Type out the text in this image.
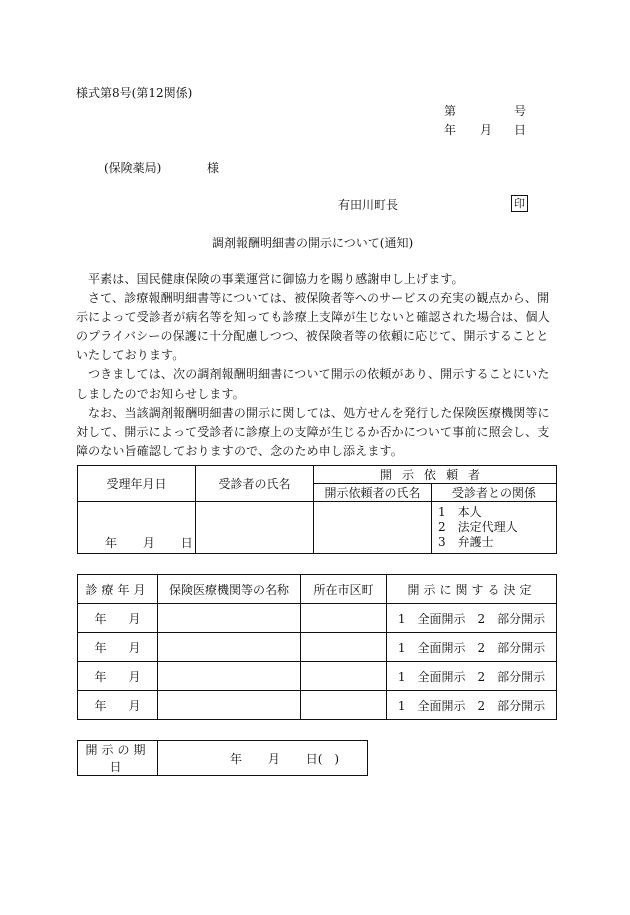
様式第8号(第12関係)
第	号
年 月 日
(保険薬局)	様
有田川町長	印
調剤報酬明細書の開示について(通知)

平素は、国民健康保険の事業運営に御協力を賜り感謝申し上げます。

さて、診療報酬明細書等については、被保険者等へのサービスの充実の観点から、開示によって受診者が病名等を知っても診療上支障が生じないと確認された場合は、個人のプライバシーの保護に十分配慮しつつ、被保険者等の依頼に応じて、開示することといたしております。

つきましては、次の調剤報酬明細書について開示の依頼があり、開示することにいたしましたのでお知らせします。

なお、当該調剤報酬明細書の開示に関しては、処方せんを発行した保険医療機関等に対して、開示によって受診者に診療上の支障が生じるか否かについて事前に照会し、支障のない旨確認しておりますので、念のため申し添えます。

受理年月日	受診者の氏名	開示依頼者	
		開示依頼者の氏名	受診者との関係
年 月 日			1　本人
2　法定代理人
3　弁護士
診療年月	保険医療機関等の名称	所在市区町	開示に関する決定
年 月			1　全面開示 2　部分開示
年 月			1　全面開示 2　部分開示
年 月			1　全面開示 2　部分開示
年 月			1　全面開示 2　部分開示
開示の期日	年 月 日(　)
